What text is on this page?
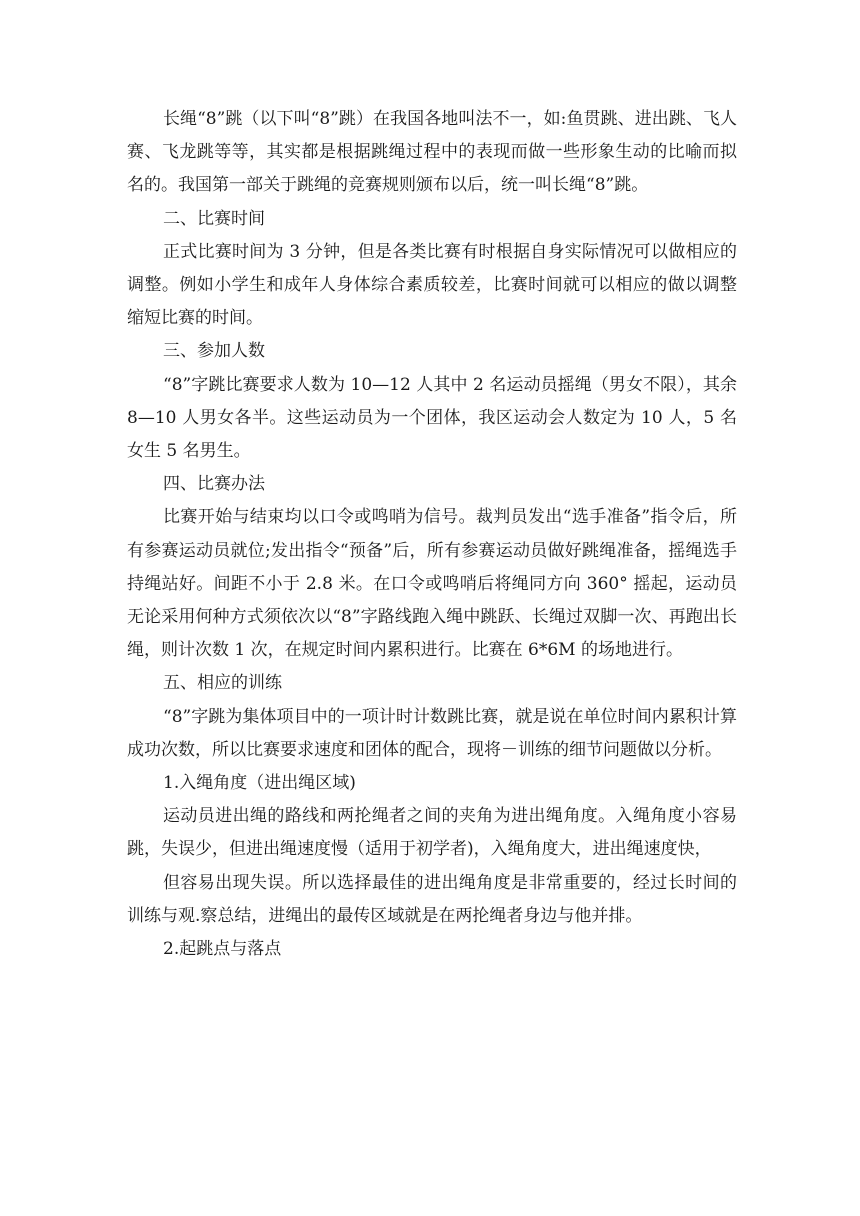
长绳“8”跳（以下叫“8”跳）在我国各地叫法不一，如:鱼贯跳、进出跳、飞人赛、飞龙跳等等，其实都是根据跳绳过程中的表现而做一些形象生动的比喻而拟名的。我国第一部关于跳绳的竞赛规则颁布以后，统一叫长绳“8”跳。

二、比赛时间

正式比赛时间为 3 分钟，但是各类比赛有时根据自身实际情况可以做相应的调整。例如小学生和成年人身体综合素质较差，比赛时间就可以相应的做以调整缩短比赛的时间。

三、参加人数

“8”字跳比赛要求人数为 10—12 人其中 2 名运动员摇绳（男女不限），其余 8—10 人男女各半。这些运动员为一个团体，我区运动会人数定为 10 人，5 名女生 5 名男生。

四、比赛办法

比赛开始与结束均以口令或鸣哨为信号。裁判员发出“选手准备”指令后，所有参赛运动员就位;发出指令“预备”后，所有参赛运动员做好跳绳准备，摇绳选手持绳站好。间距不小于 2.8 米。在口令或鸣哨后将绳同方向 360° 摇起，运动员无论采用何种方式须依次以“8”字路线跑入绳中跳跃、长绳过双脚一次、再跑出长绳，则计次数 1 次，在规定时间内累积进行。比赛在 6*6M 的场地进行。

五、相应的训练

“8”字跳为集体项目中的一项计时计数跳比赛，就是说在单位时间内累积计算成功次数，所以比赛要求速度和团体的配合，现将－训练的细节问题做以分析。

1.入绳角度（进出绳区域)

运动员进出绳的路线和两抡绳者之间的夹角为进出绳角度。入绳角度小容易跳，失误少，但进出绳速度慢（适用于初学者)，入绳角度大，进出绳速度快，

但容易出现失误。所以选择最佳的进出绳角度是非常重要的，经过长时间的训练与观.察总结，进绳出的最传区域就是在两抡绳者身边与他并排。

2.起跳点与落点
